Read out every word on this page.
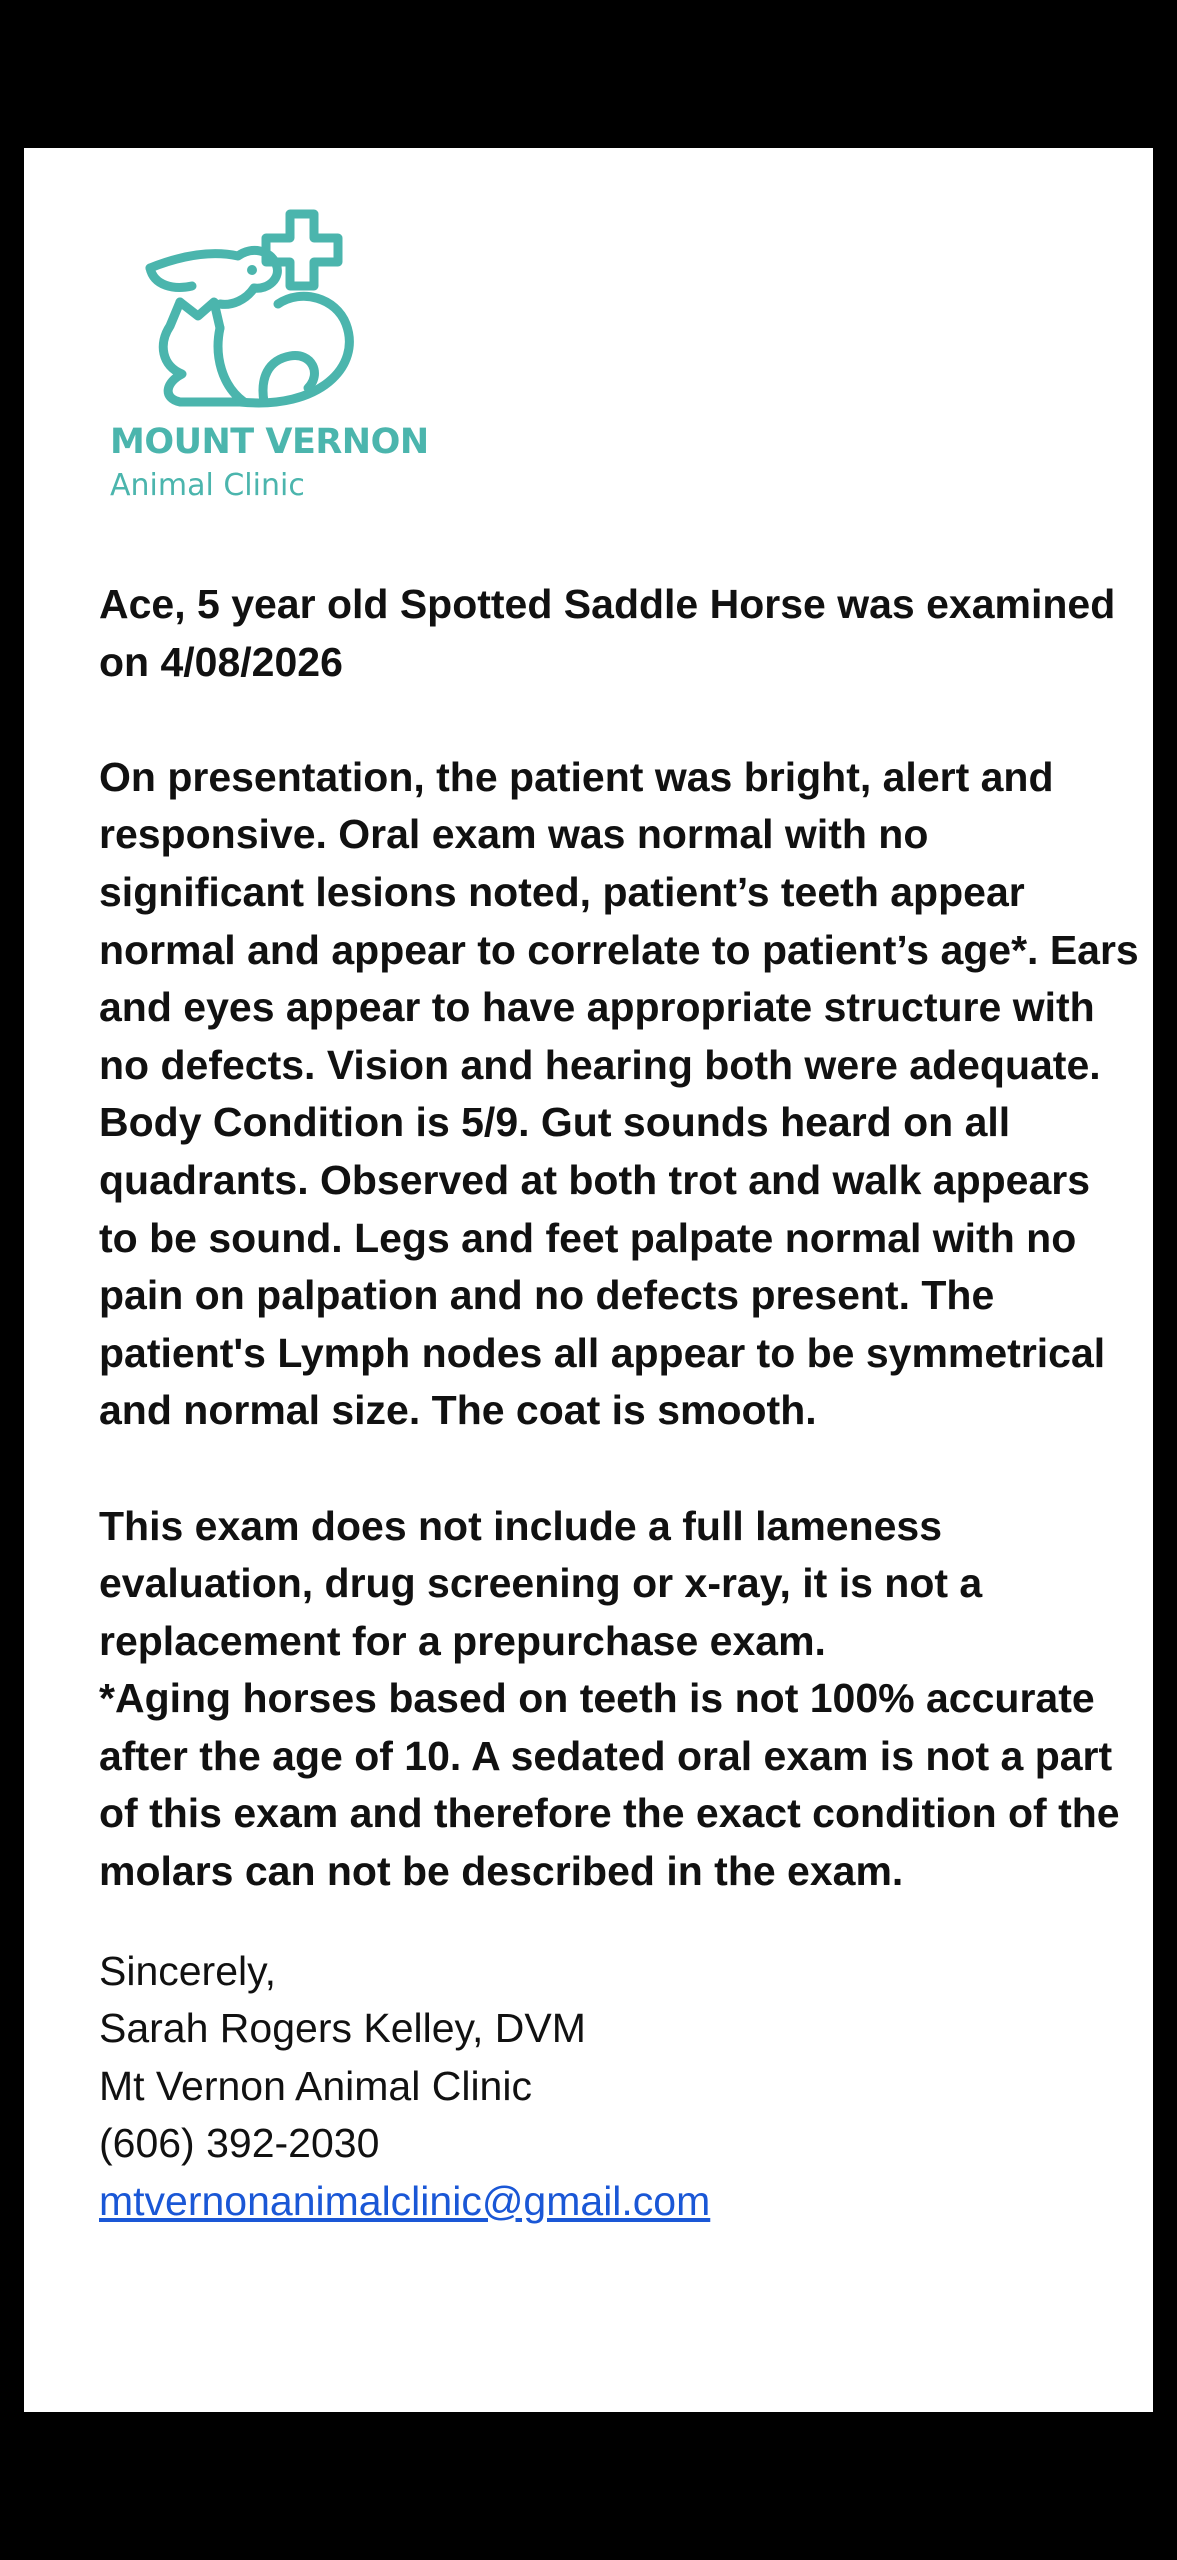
MOUNT VERNON
Animal Clinic

Ace, 5 year old Spotted Saddle Horse was examined on 4/08/2026

On presentation, the patient was bright, alert and responsive. Oral exam was normal with no significant lesions noted, patient’s teeth appear normal and appear to correlate to patient’s age*. Ears and eyes appear to have appropriate structure with no defects. Vision and hearing both were adequate. Body Condition is 5/9. Gut sounds heard on all quadrants. Observed at both trot and walk appears to be sound. Legs and feet palpate normal with no pain on palpation and no defects present. The patient's Lymph nodes all appear to be symmetrical and normal size. The coat is smooth.

This exam does not include a full lameness evaluation, drug screening or x-ray, it is not a replacement for a prepurchase exam.

*Aging horses based on teeth is not 100% accurate after the age of 10. A sedated oral exam is not a part of this exam and therefore the exact condition of the molars can not be described in the exam.

Sincerely,
Sarah Rogers Kelley, DVM
Mt Vernon Animal Clinic
(606) 392-2030
mtvernonanimalclinic@gmail.com
